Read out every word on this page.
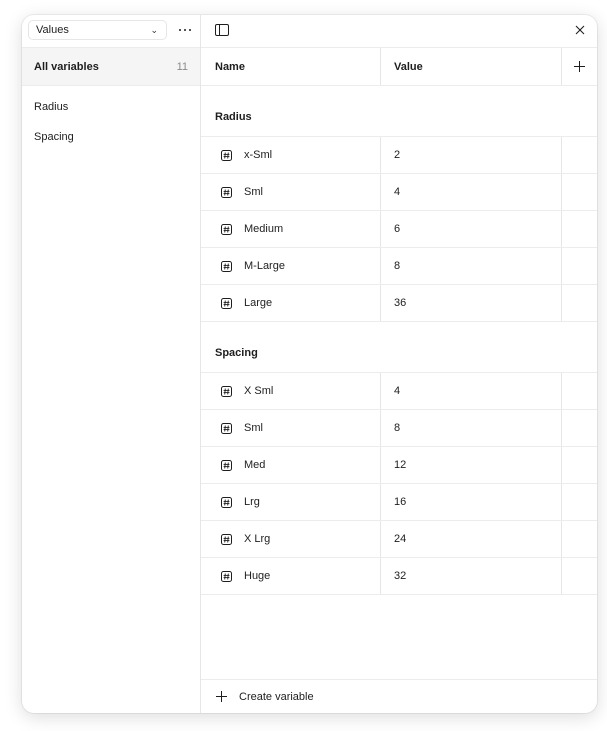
Values	⌄
All variables	11
Radius
Spacing
Name	Value
Radius
x-Sml	2
Sml	4
Medium	6
M-Large	8
Large	36
Spacing
X Sml	4
Sml	8
Med	12
Lrg	16
X Lrg	24
Huge	32
Create variable
